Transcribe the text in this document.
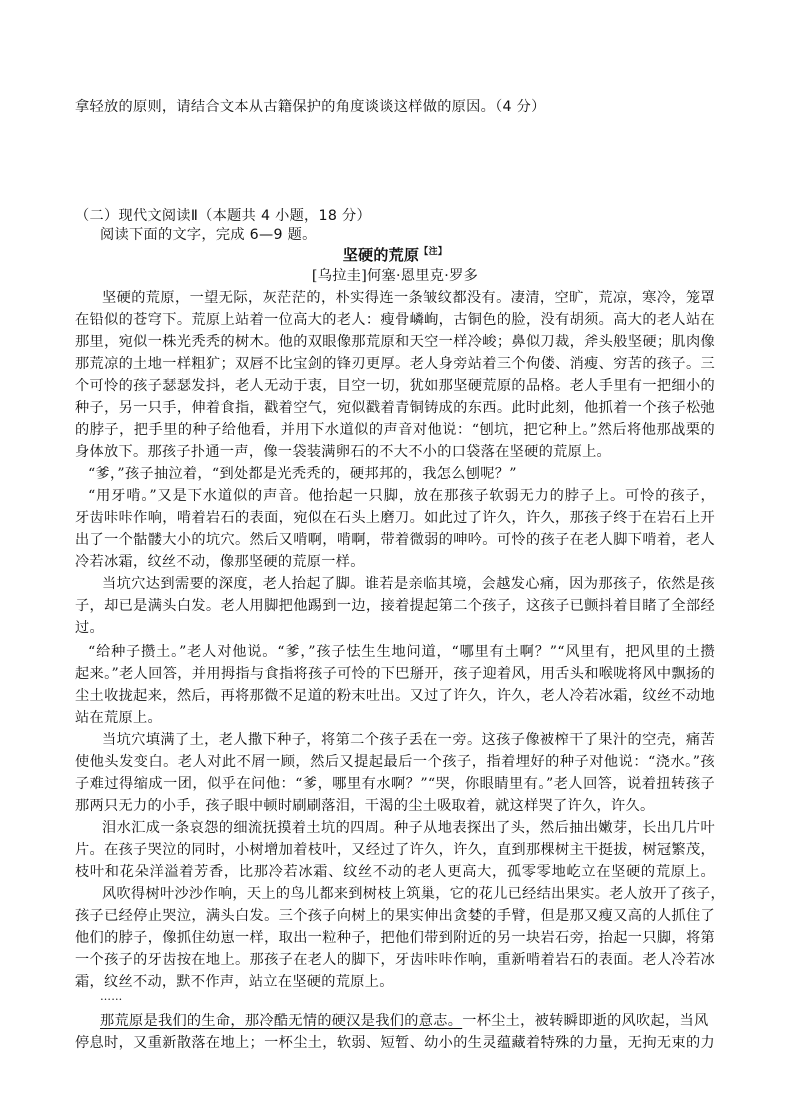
拿轻放的原则，请结合文本从古籍保护的角度谈谈这样做的原因。（4 分）
（二）现代文阅读Ⅱ（本题共 4 小题，18 分）
阅读下面的文字，完成 6—9 题。
坚硬的荒原$^{【注】}$
[乌拉圭]何塞·恩里克·罗多
坚硬的荒原，一望无际，灰茫茫的，朴实得连一条皱纹都没有。凄清，空旷，荒凉，寒冷，笼罩
在铅似的苍穹下。荒原上站着一位高大的老人：瘦骨嶙峋，古铜色的脸，没有胡须。高大的老人站在
那里，宛似一株光秃秃的树木。他的双眼像那荒原和天空一样冷峻；鼻似刀裁，斧头般坚硬；肌肉像
那荒凉的土地一样粗犷；双唇不比宝剑的锋刃更厚。老人身旁站着三个佝偻、消瘦、穷苦的孩子。三
个可怜的孩子瑟瑟发抖，老人无动于衷，目空一切，犹如那坚硬荒原的品格。老人手里有一把细小的
种子，另一只手，伸着食指，戳着空气，宛似戳着青铜铸成的东西。此时此刻，他抓着一个孩子松弛
的脖子，把手里的种子给他看，并用下水道似的声音对他说：“刨坑，把它种上。”然后将他那战栗的
身体放下。那孩子扑通一声，像一袋装满卵石的不大不小的口袋落在坚硬的荒原上。
“爹，”孩子抽泣着，“到处都是光秃秃的，硬邦邦的，我怎么刨呢？”
“用牙啃。”又是下水道似的声音。他抬起一只脚，放在那孩子软弱无力的脖子上。可怜的孩子，
牙齿咔咔作响，啃着岩石的表面，宛似在石头上磨刀。如此过了许久，许久，那孩子终于在岩石上开
出了一个骷髅大小的坑穴。然后又啃啊，啃啊，带着微弱的呻吟。可怜的孩子在老人脚下啃着，老人
冷若冰霜，纹丝不动，像那坚硬的荒原一样。
当坑穴达到需要的深度，老人抬起了脚。谁若是亲临其境，会越发心痛，因为那孩子，依然是孩
子，却已是满头白发。老人用脚把他踢到一边，接着提起第二个孩子，这孩子已颤抖着目睹了全部经
过。
“给种子攒土。”老人对他说。“爹，”孩子怯生生地问道，“哪里有土啊？”“风里有，把风里的土攒
起来。”老人回答，并用拇指与食指将孩子可怜的下巴掰开，孩子迎着风，用舌头和喉咙将风中飘扬的
尘土收拢起来，然后，再将那微不足道的粉末吐出。又过了许久，许久，老人冷若冰霜，纹丝不动地
站在荒原上。
当坑穴填满了土，老人撒下种子，将第二个孩子丢在一旁。这孩子像被榨干了果汁的空壳，痛苦
使他头发变白。老人对此不屑一顾，然后又提起最后一个孩子，指着埋好的种子对他说：“浇水。”孩
子难过得缩成一团，似乎在问他：“爹，哪里有水啊？”“哭，你眼睛里有。”老人回答，说着扭转孩子
那两只无力的小手，孩子眼中顿时刷刷落泪，干渴的尘土吸取着，就这样哭了许久，许久。
泪水汇成一条哀怨的细流抚摸着土坑的四周。种子从地表探出了头，然后抽出嫩芽，长出几片叶
片。在孩子哭泣的同时，小树增加着枝叶，又经过了许久，许久，直到那棵树主干挺拔，树冠繁茂，
枝叶和花朵洋溢着芳香，比那冷若冰霜、纹丝不动的老人更高大，孤零零地屹立在坚硬的荒原上。
风吹得树叶沙沙作响，天上的鸟儿都来到树枝上筑巢，它的花儿已经结出果实。老人放开了孩子，
孩子已经停止哭泣，满头白发。三个孩子向树上的果实伸出贪婪的手臂，但是那又瘦又高的人抓住了
他们的脖子，像抓住幼崽一样，取出一粒种子，把他们带到附近的另一块岩石旁，抬起一只脚，将第
一个孩子的牙齿按在地上。那孩子在老人的脚下，牙齿咔咔作响，重新啃着岩石的表面。老人冷若冰
霜，纹丝不动，默不作声，站立在坚硬的荒原上。
……
那荒原是我们的生命，那冷酷无情的硬汉是我们的意志。一杯尘土，被转瞬即逝的风吹起，当风
停息时，又重新散落在地上；一杯尘土，软弱、短暂、幼小的生灵蕴藏着特殊的力量，无拘无束的力
